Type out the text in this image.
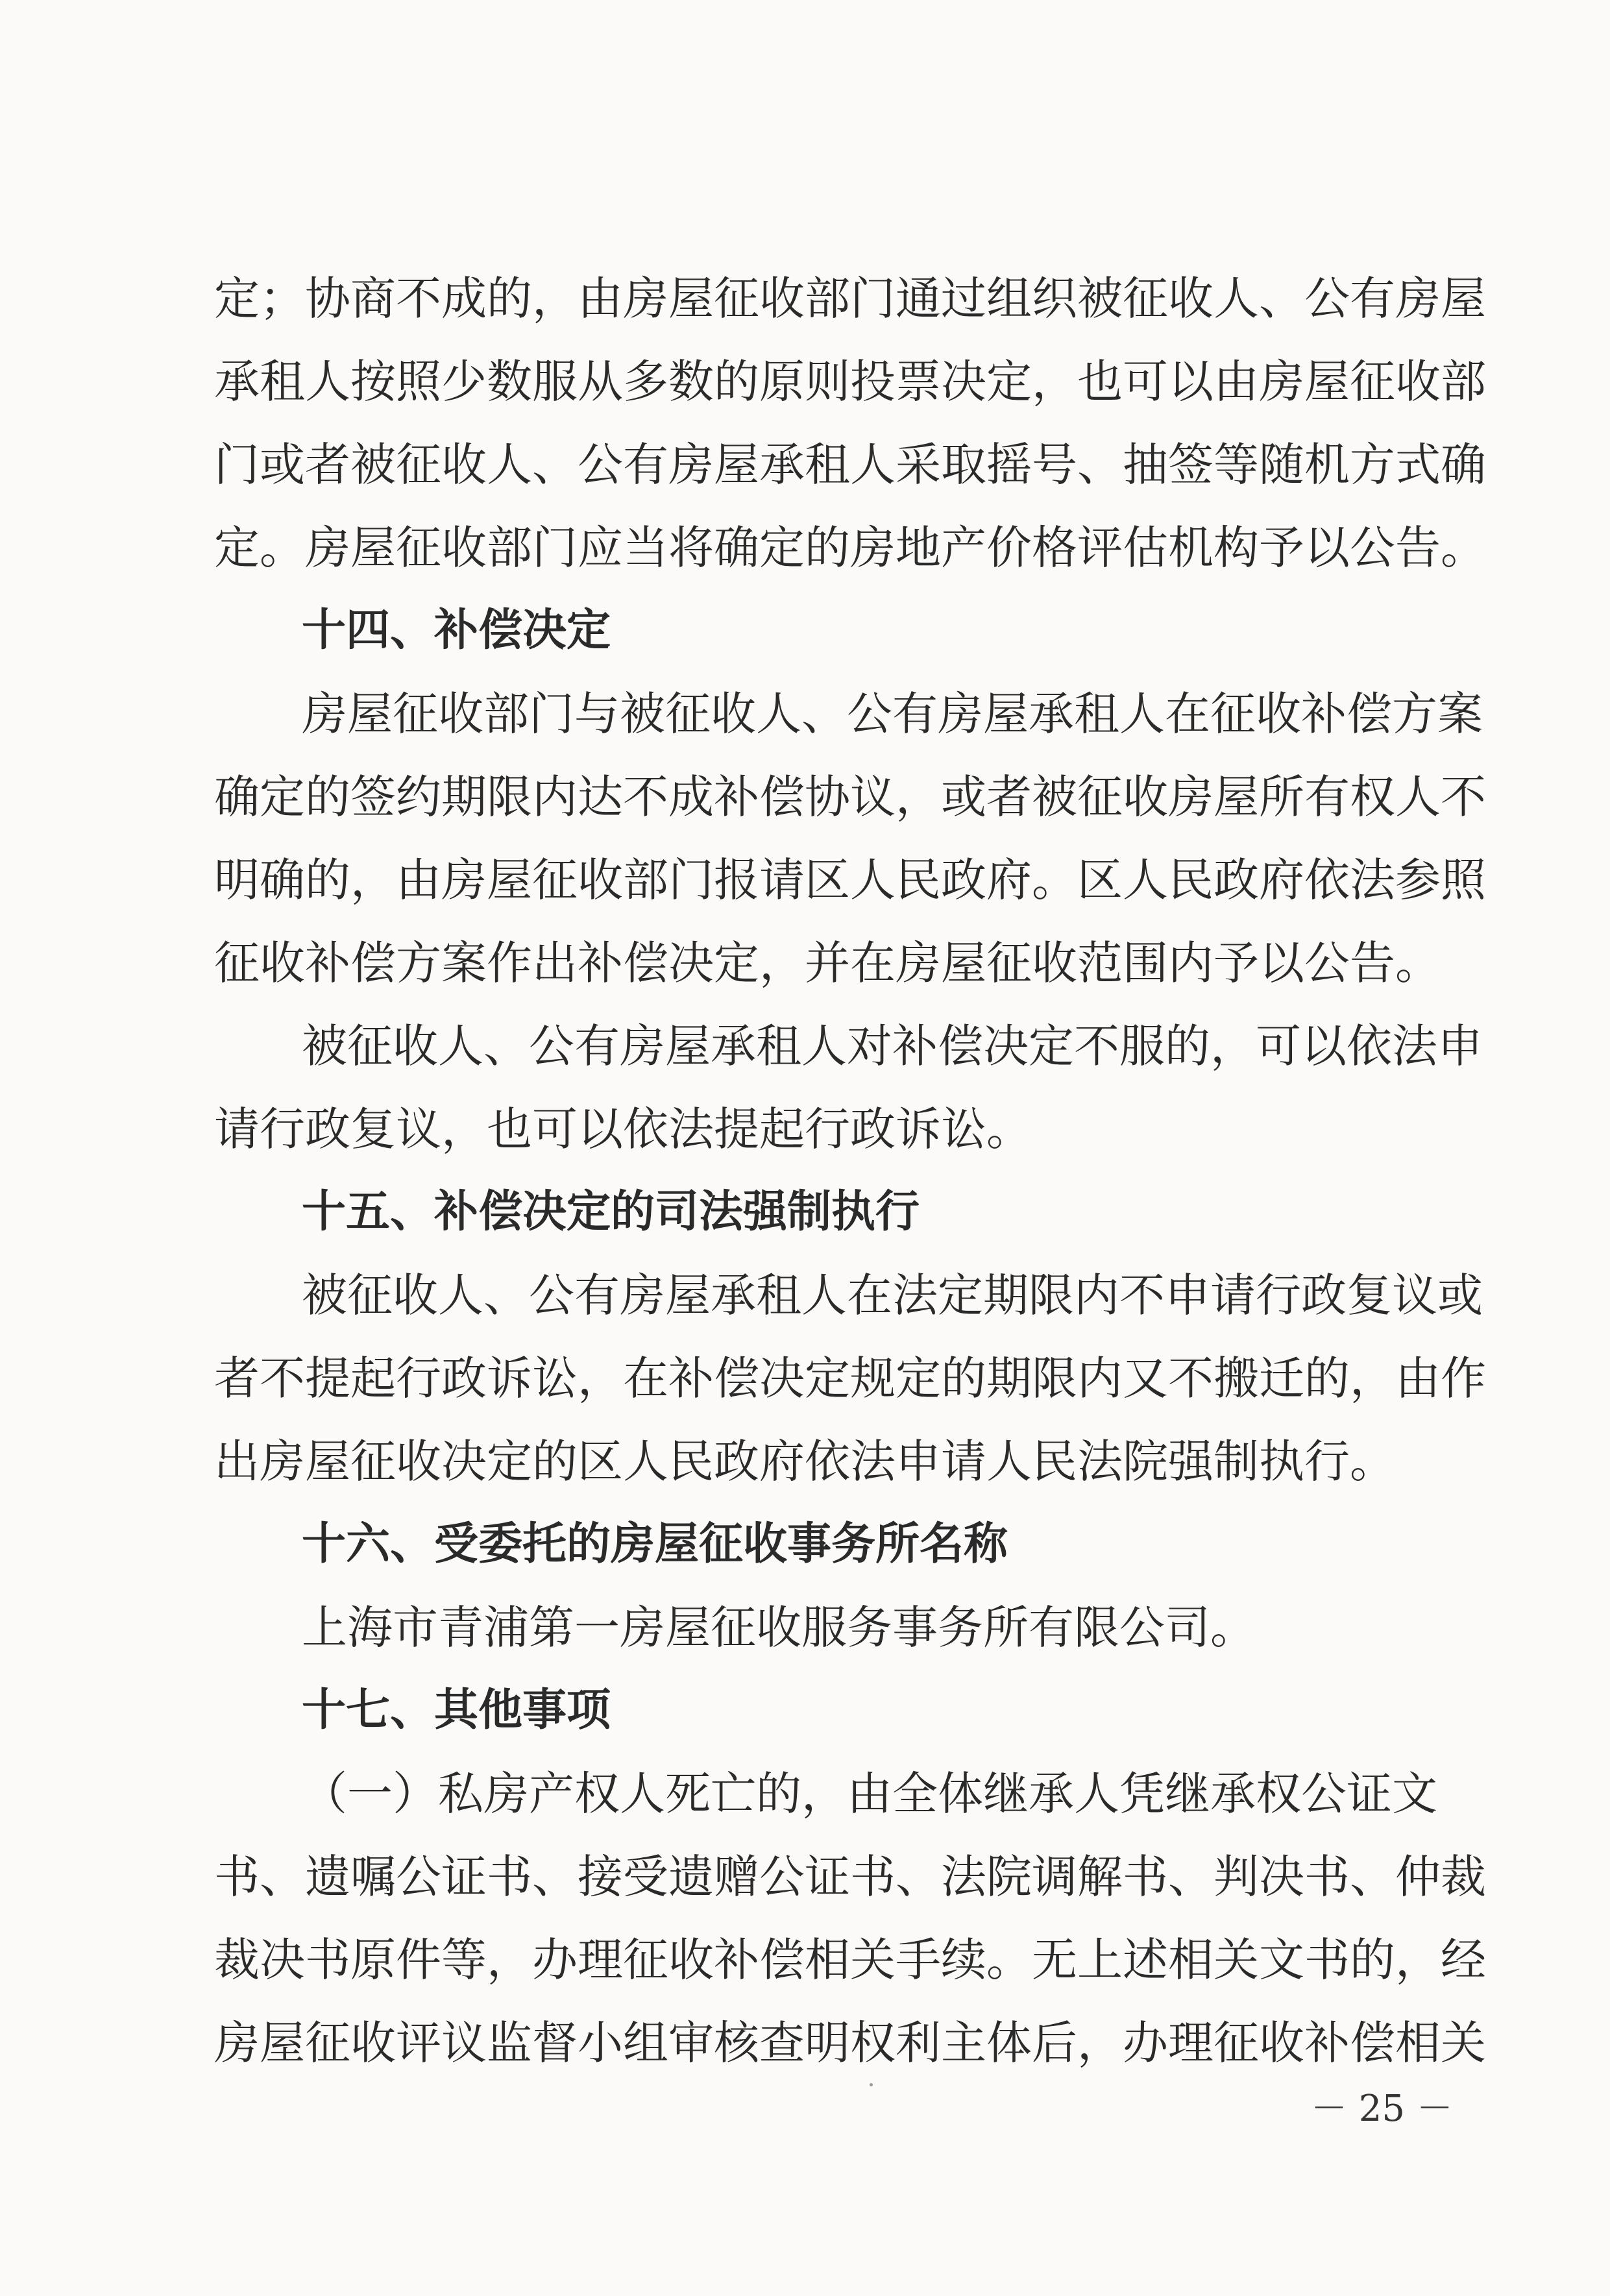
定；协商不成的，由房屋征收部门通过组织被征收人、公有房屋
承租人按照少数服从多数的原则投票决定，也可以由房屋征收部
门或者被征收人、公有房屋承租人采取摇号、抽签等随机方式确
定。房屋征收部门应当将确定的房地产价格评估机构予以公告。
十四、补偿决定
房屋征收部门与被征收人、公有房屋承租人在征收补偿方案
确定的签约期限内达不成补偿协议，或者被征收房屋所有权人不
明确的，由房屋征收部门报请区人民政府。区人民政府依法参照
征收补偿方案作出补偿决定，并在房屋征收范围内予以公告。
被征收人、公有房屋承租人对补偿决定不服的，可以依法申
请行政复议，也可以依法提起行政诉讼。
十五、补偿决定的司法强制执行
被征收人、公有房屋承租人在法定期限内不申请行政复议或
者不提起行政诉讼，在补偿决定规定的期限内又不搬迁的，由作
出房屋征收决定的区人民政府依法申请人民法院强制执行。
十六、受委托的房屋征收事务所名称
上海市青浦第一房屋征收服务事务所有限公司。
十七、其他事项
（一）私房产权人死亡的，由全体继承人凭继承权公证文
书、遗嘱公证书、接受遗赠公证书、法院调解书、判决书、仲裁
裁决书原件等，办理征收补偿相关手续。无上述相关文书的，经
房屋征收评议监督小组审核查明权利主体后，办理征收补偿相关
－ 25 －
